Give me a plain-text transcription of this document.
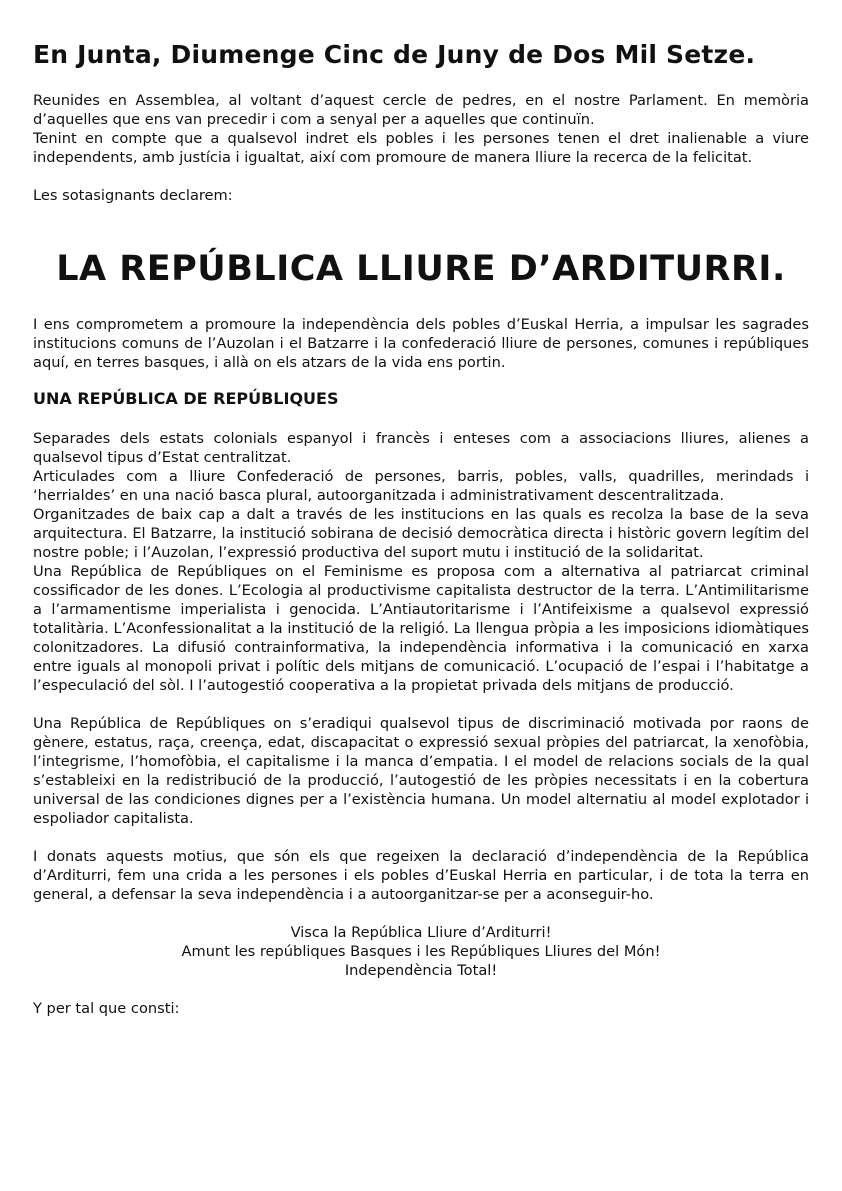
En Junta, Diumenge Cinc de Juny de Dos Mil Setze.

Reunides en Assemblea, al voltant d’aquest cercle de pedres, en el nostre Parlament. En memòria d’aquelles que ens van precedir i com a senyal per a aquelles que continuïn.

Tenint en compte que a qualsevol indret els pobles i les persones tenen el dret inalienable a viure independents, amb justícia i igualtat, així com promoure de manera lliure la recerca de la felicitat.

Les sotasignants declarem:

LA REPÚBLICA LLIURE D’ARDITURRI.

I ens comprometem a promoure la independència dels pobles d’Euskal Herria, a impulsar les sagrades institucions comuns de l’Auzolan i el Batzarre i la confederació lliure de persones, comunes i repúbliques aquí, en terres basques, i allà on els atzars de la vida ens portin.

UNA REPÚBLICA DE REPÚBLIQUES

Separades dels estats colonials espanyol i francès i enteses com a associacions lliures, alienes a qualsevol tipus d’Estat centralitzat.

Articulades com a lliure Confederació de persones, barris, pobles, valls, quadrilles, merindads i ‘herrialdes’ en una nació basca plural, autoorganitzada i administrativament descentralitzada.

Organitzades de baix cap a dalt a través de les institucions en las quals es recolza la base de la seva arquitectura. El Batzarre, la institució sobirana de decisió democràtica directa i històric govern legítim del nostre poble; i l’Auzolan, l’expressió productiva del suport mutu i institució de la solidaritat.

Una República de Repúbliques on el Feminisme es proposa com a alternativa al patriarcat criminal cossificador de les dones. L’Ecologia al productivisme capitalista destructor de la terra. L’Antimilitarisme a l’armamentisme imperialista i genocida. L’Antiautoritarisme i l’Antifeixisme a qualsevol expressió totalitària. L’Aconfessionalitat a la institució de la religió. La llengua pròpia a les imposicions idiomàtiques colonitzadores. La difusió contrainformativa, la independència informativa i la comunicació en xarxa entre iguals al monopoli privat i polític dels mitjans de comunicació. L’ocupació de l’espai i l’habitatge a l’especulació del sòl. I l’autogestió cooperativa a la propietat privada dels mitjans de producció.

Una República de Repúbliques on s’eradiqui qualsevol tipus de discriminació motivada por raons de gènere, estatus, raça, creença, edat, discapacitat o expressió sexual pròpies del patriarcat, la xenofòbia, l’integrisme, l’homofòbia, el capitalisme i la manca d’empatia. I el model de relacions socials de la qual s’estableixi en la redistribució de la producció, l’autogestió de les pròpies necessitats i en la cobertura universal de las condiciones dignes per a l’existència humana. Un model alternatiu al model explotador i espoliador capitalista.

I donats aquests motius, que són els que regeixen la declaració d’independència de la República d’Arditurri, fem una crida a les persones i els pobles d’Euskal Herria en particular, i de tota la terra en general, a defensar la seva independència i a autoorganitzar-se per a aconseguir-ho.

Visca la República Lliure d’Arditurri!

Amunt les repúbliques Basques i les Repúbliques Lliures del Món!

Independència Total!

Y per tal que consti:
